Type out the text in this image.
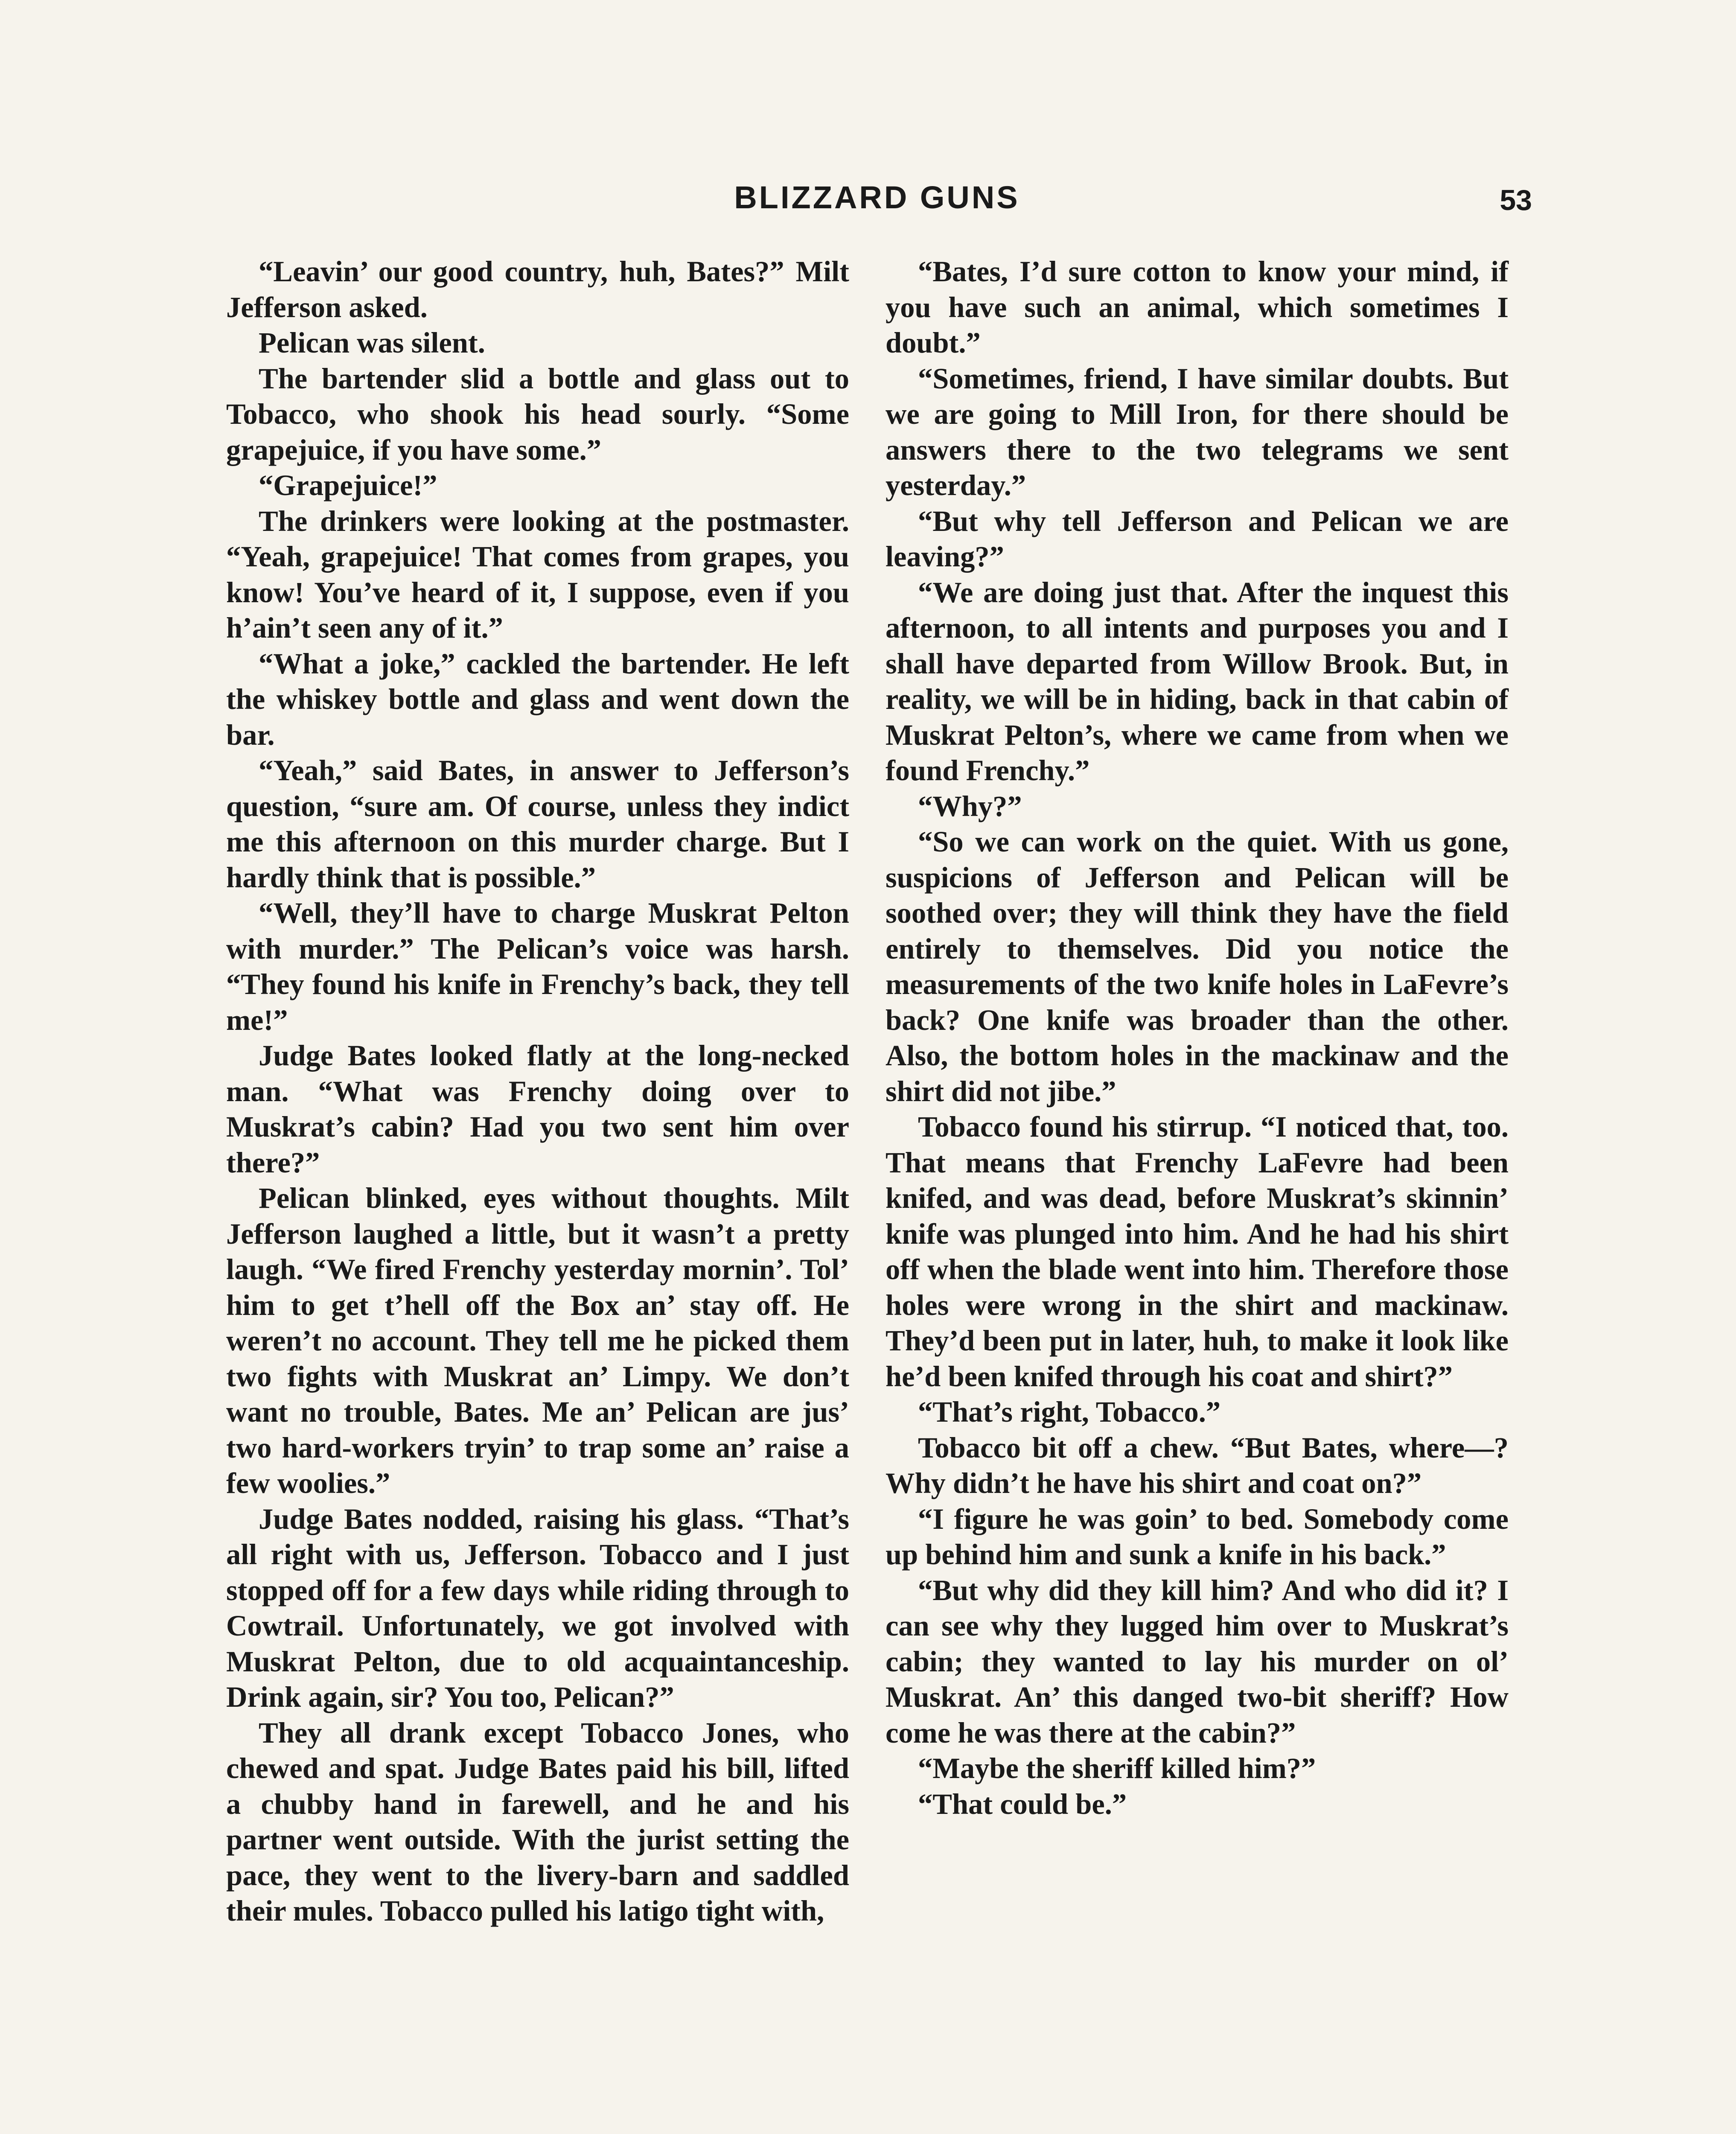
BLIZZARD GUNS	53

“Leavin’ our good country, huh, Bates?” Milt Jefferson asked.

Pelican was silent.

The bartender slid a bottle and glass out to Tobacco, who shook his head sourly. “Some grapejuice, if you have some.”

“Grapejuice!”

The drinkers were looking at the postmaster. “Yeah, grapejuice! That comes from grapes, you know! You’ve heard of it, I suppose, even if you h’ain’t seen any of it.”

“What a joke,” cackled the bartender. He left the whiskey bottle and glass and went down the bar.

“Yeah,” said Bates, in answer to Jefferson’s question, “sure am. Of course, unless they indict me this afternoon on this murder charge. But I hardly think that is possible.”

“Well, they’ll have to charge Muskrat Pelton with murder.” The Pelican’s voice was harsh. “They found his knife in Frenchy’s back, they tell me!”

Judge Bates looked flatly at the long-necked man. “What was Frenchy doing over to Muskrat’s cabin? Had you two sent him over there?”

Pelican blinked, eyes without thoughts. Milt Jefferson laughed a little, but it wasn’t a pretty laugh. “We fired Frenchy yesterday mornin’. Tol’ him to get t’hell off the Box an’ stay off. He weren’t no account. They tell me he picked them two fights with Muskrat an’ Limpy. We don’t want no trouble, Bates. Me an’ Pelican are jus’ two hard-workers tryin’ to trap some an’ raise a few woolies.”

Judge Bates nodded, raising his glass. “That’s all right with us, Jefferson. Tobacco and I just stopped off for a few days while riding through to Cowtrail. Unfortunately, we got involved with Muskrat Pelton, due to old acquaintanceship. Drink again, sir? You too, Pelican?”

They all drank except Tobacco Jones, who chewed and spat. Judge Bates paid his bill, lifted a chubby hand in farewell, and he and his partner went outside. With the jurist setting the pace, they went to the livery-barn and saddled their mules. Tobacco pulled his latigo tight with,

“Bates, I’d sure cotton to know your mind, if you have such an animal, which sometimes I doubt.”

“Sometimes, friend, I have similar doubts. But we are going to Mill Iron, for there should be answers there to the two telegrams we sent yesterday.”

“But why tell Jefferson and Pelican we are leaving?”

“We are doing just that. After the inquest this afternoon, to all intents and purposes you and I shall have departed from Willow Brook. But, in reality, we will be in hiding, back in that cabin of Muskrat Pelton’s, where we came from when we found Frenchy.”

“Why?”

“So we can work on the quiet. With us gone, suspicions of Jefferson and Pelican will be soothed over; they will think they have the field entirely to themselves. Did you notice the measurements of the two knife holes in LaFevre’s back? One knife was broader than the other. Also, the bottom holes in the mackinaw and the shirt did not jibe.”

Tobacco found his stirrup. “I noticed that, too. That means that Frenchy LaFevre had been knifed, and was dead, before Muskrat’s skinnin’ knife was plunged into him. And he had his shirt off when the blade went into him. Therefore those holes were wrong in the shirt and mackinaw. They’d been put in later, huh, to make it look like he’d been knifed through his coat and shirt?”

“That’s right, Tobacco.”

Tobacco bit off a chew. “But Bates, where—? Why didn’t he have his shirt and coat on?”

“I figure he was goin’ to bed. Somebody come up behind him and sunk a knife in his back.”

“But why did they kill him? And who did it? I can see why they lugged him over to Muskrat’s cabin; they wanted to lay his murder on ol’ Muskrat. An’ this danged two-bit sheriff? How come he was there at the cabin?”

“Maybe the sheriff killed him?”

“That could be.”
